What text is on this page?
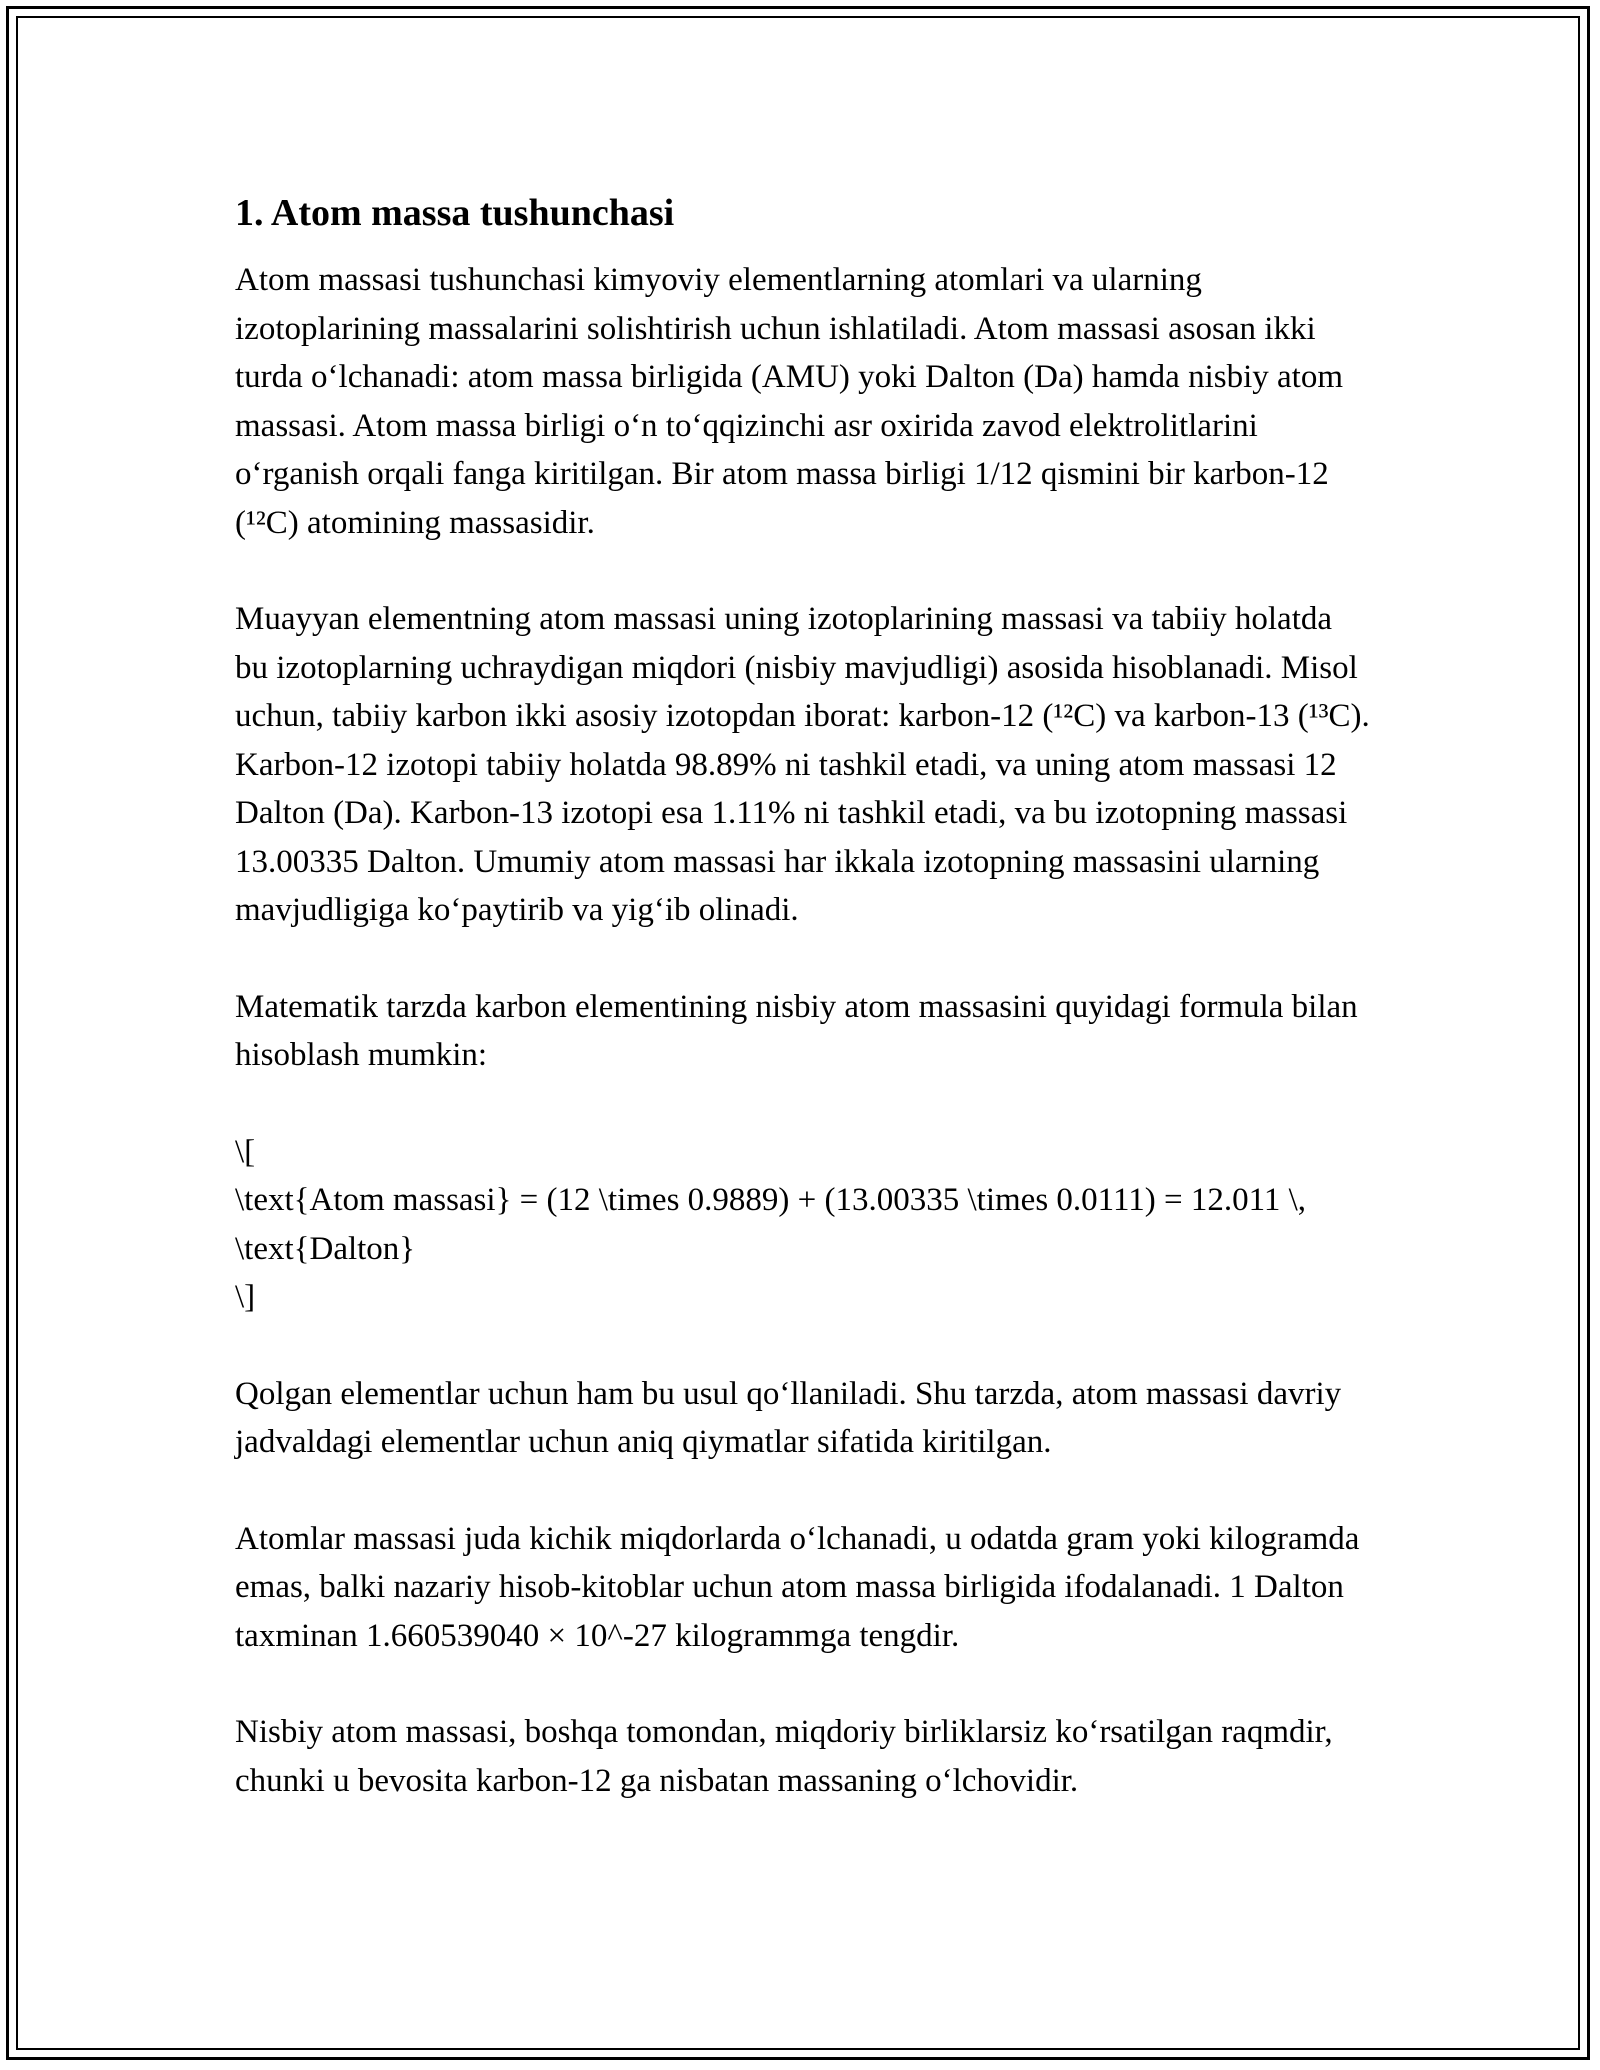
1. Atom massa tushunchasi

Atom massasi tushunchasi kimyoviy elementlarning atomlari va ularning izotoplarining massalarini solishtirish uchun ishlatiladi. Atom massasi asosan ikki turda o‘lchanadi: atom massa birligida (AMU) yoki Dalton (Da) hamda nisbiy atom massasi. Atom massa birligi o‘n to‘qqizinchi asr oxirida zavod elektrolitlarini o‘rganish orqali fanga kiritilgan. Bir atom massa birligi 1/12 qismini bir karbon-12 (¹²C) atomining massasidir.

Muayyan elementning atom massasi uning izotoplarining massasi va tabiiy holatda bu izotoplarning uchraydigan miqdori (nisbiy mavjudligi) asosida hisoblanadi. Misol uchun, tabiiy karbon ikki asosiy izotopdan iborat: karbon-12 (¹²C) va karbon-13 (¹³C). Karbon-12 izotopi tabiiy holatda 98.89% ni tashkil etadi, va uning atom massasi 12 Dalton (Da). Karbon-13 izotopi esa 1.11% ni tashkil etadi, va bu izotopning massasi 13.00335 Dalton. Umumiy atom massasi har ikkala izotopning massasini ularning mavjudligiga ko‘paytirib va yig‘ib olinadi.

Matematik tarzda karbon elementining nisbiy atom massasini quyidagi formula bilan hisoblash mumkin:

\[
\text{Atom massasi} = (12 \times 0.9889) + (13.00335 \times 0.0111) = 12.011 \, \text{Dalton}
\]

Qolgan elementlar uchun ham bu usul qo‘llaniladi. Shu tarzda, atom massasi davriy jadvaldagi elementlar uchun aniq qiymatlar sifatida kiritilgan.

Atomlar massasi juda kichik miqdorlarda o‘lchanadi, u odatda gram yoki kilogramda emas, balki nazariy hisob-kitoblar uchun atom massa birligida ifodalanadi. 1 Dalton taxminan 1.660539040 × 10^-27 kilogrammga tengdir.

Nisbiy atom massasi, boshqa tomondan, miqdoriy birliklarsiz ko‘rsatilgan raqmdir, chunki u bevosita karbon-12 ga nisbatan massaning o‘lchovidir.
